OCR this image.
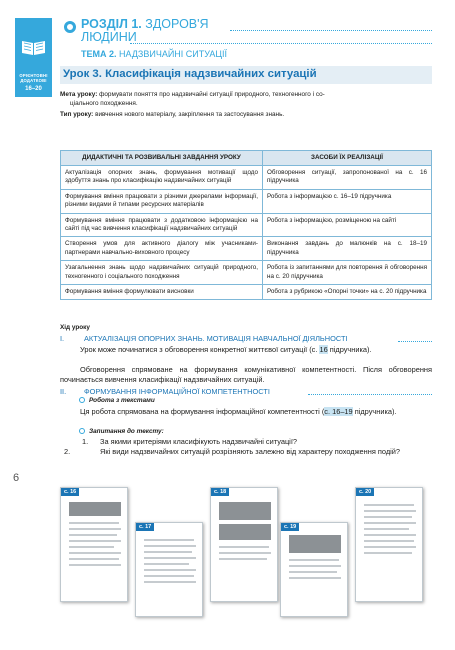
ОРІЄНТОВНІ
ДОДАТКОВІ
16–20
РОЗДІЛ 1. ЗДОРОВ'Я
ЛЮДИНИ
ТЕМА 2. НАДЗВИЧАЙНІ СИТУАЦІЇ
Урок 3. Класифікація надзвичайних ситуацій
Мета уроку: формувати поняття про надзвичайні ситуації природного, техногенного і со-
ціального походження.
Тип уроку: вивчення нового матеріалу, закріплення та застосування знань.
ДИДАКТИЧНІ ТА РОЗВИВАЛЬНІ ЗАВДАННЯ УРОКУ	ЗАСОБИ ЇХ РЕАЛІЗАЦІЇ
Актуалізація опорних знань, формування мотивації щодо здобуття знань про класифікацію надзвичайних ситуацій	Обговорення ситуації, запропонованої на с. 16 підручника
Формування вміння працювати з різними джерелами інформації, різними видами й типами ресурсних матеріалів	Робота з інформацією с. 16–19 підручника
Формування вміння працювати з додатковою інформацією на сайті під час вивчення класифікації надзвичайних ситуацій	Робота з інформацією, розміщеною на сайті
Створення умов для активного діалогу між учасниками-партнерами навчально-виховного процесу	Виконання завдань до малюнків на с. 18–19 підручника
Узагальнення знань щодо надзвичайних ситуацій природного, техногенного і соціального походження	Робота із запитаннями для повторення й обговорення на с. 20 підручника
Формування вміння формулювати висновки	Робота з рубрикою «Опорні точки» на с. 20 підручника
Хід уроку
I.	АКТУАЛІЗАЦІЯ ОПОРНИХ ЗНАНЬ. МОТИВАЦІЯ НАВЧАЛЬНОЇ ДІЯЛЬНОСТІ
Урок може починатися з обговорення конкретної життєвої ситуації (с. 16 підручника).
Обговорення спрямоване на формування комунікативної компетентності. Після обговорення починається вивчення класифікації надзвичайних ситуацій.
II. ФОРМУВАННЯ ІНФОРМАЦІЙНОЇ КОМПЕТЕНТНОСТІ
Робота з текстами
Ця робота спрямована на формування інформаційної компетентності (с. 16–19 підручника).
Запитання до тексту:
1. За якими критеріями класифікують надзвичайні ситуації?
2.	Які види надзвичайних ситуацій розрізняють залежно від характеру походження подій?
6
с. 16
с. 17
с. 18
с. 19
с. 20
